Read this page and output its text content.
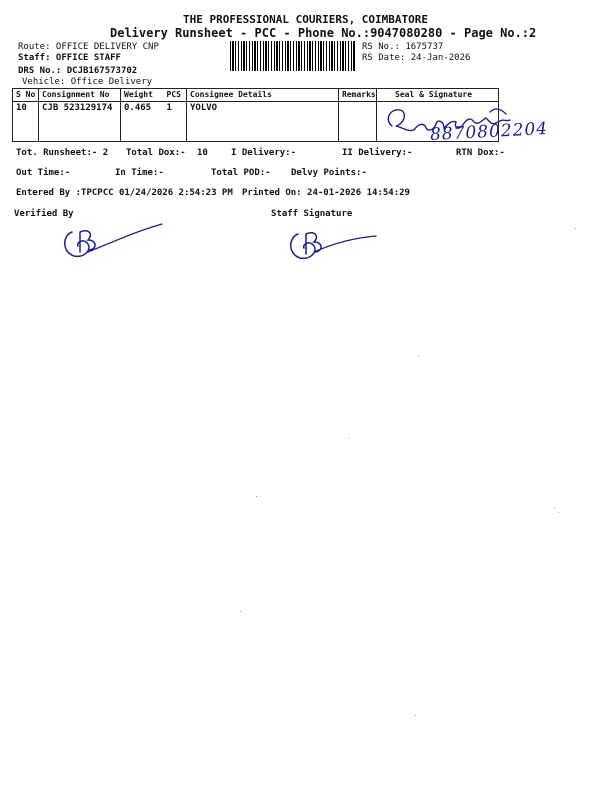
THE PROFESSIONAL COURIERS, COIMBATORE
Delivery Runsheet - PCC - Phone No.:9047080280 - Page No.:2
Route: OFFICE DELIVERY CNP
Staff: OFFICE STAFF
DRS No.: DCJB167573702
Vehicle: Office Delivery
RS No.: 1675737
RS Date: 24-Jan-2026
S No	Consignment No	Weight	PCS	Consignee Details	Remarks	Seal & Signature
10	CJB 523129174	0.465	1	YOLVO		
8870802204
Tot. Runsheet:- 2 Total Dox:- 10	I Delivery:-	II Delivery:-	RTN Dox:-
Out Time:-	In Time:-	Total POD:- Delvy Points:-
Entered By :TPCPCC 01/24/2026 2:54:23 PM Printed On: 24-01-2026 14:54:29
Verified By	Staff Signature
